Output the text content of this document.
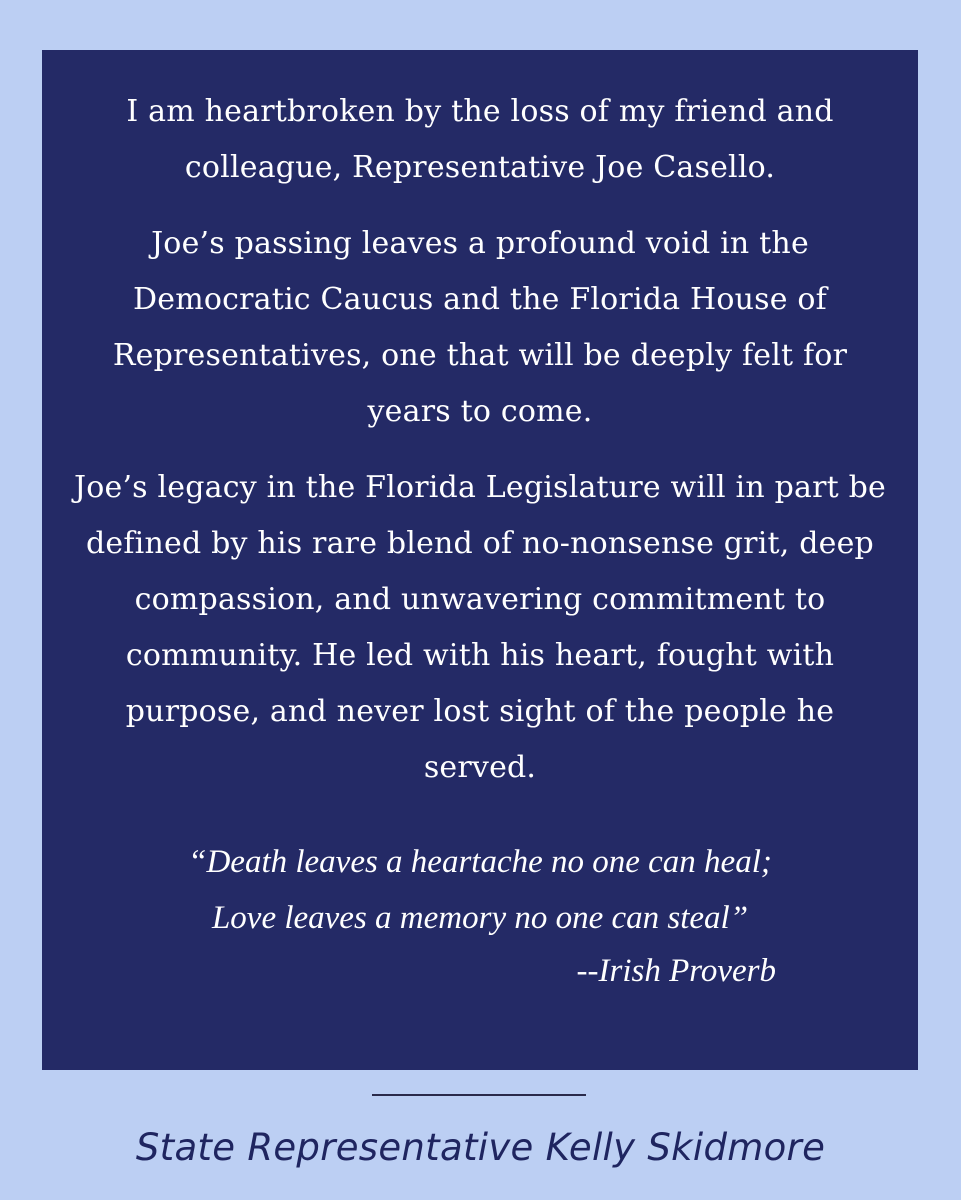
I am heartbroken by the loss of my friend and colleague, Representative Joe Casello.

Joe’s passing leaves a profound void in the Democratic Caucus and the Florida House of Representatives, one that will be deeply felt for years to come.

Joe’s legacy in the Florida Legislature will in part be defined by his rare blend of no-nonsense grit, deep compassion, and unwavering commitment to community. He led with his heart, fought with purpose, and never lost sight of the people he served.

“Death leaves a heartache no one can heal;
Love leaves a memory no one can steal”
--Irish Proverb
State Representative Kelly Skidmore
